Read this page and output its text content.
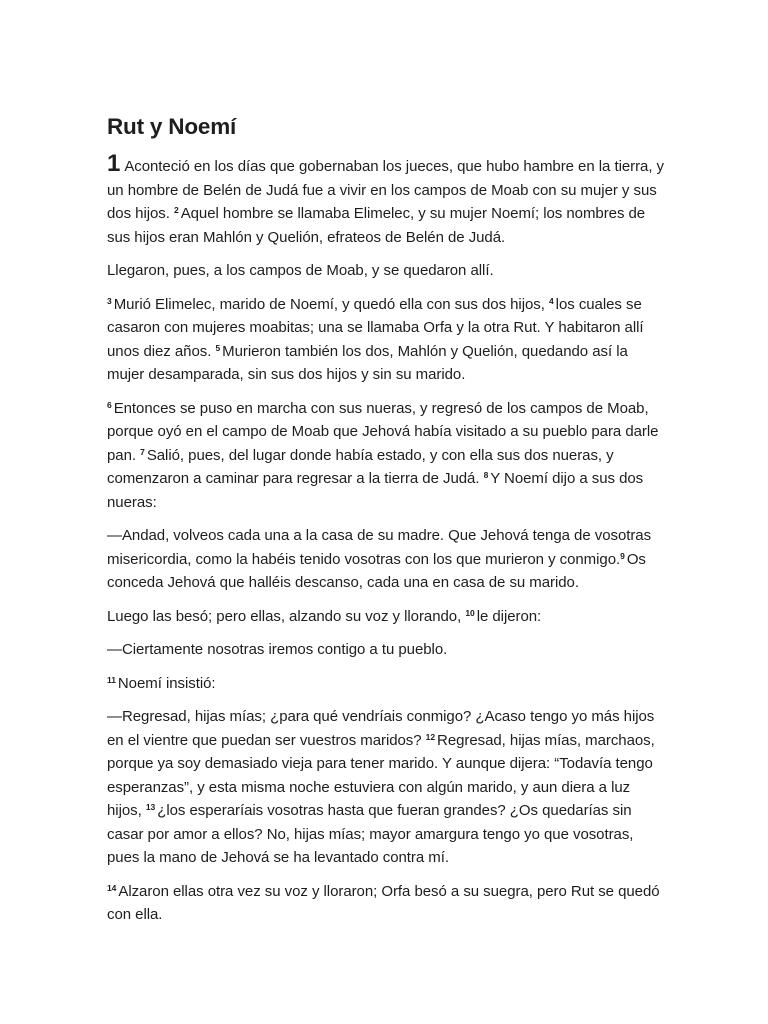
Rut y Noemí

1 Aconteció en los días que gobernaban los jueces, que hubo hambre en la tierra, y un hombre de Belén de Judá fue a vivir en los campos de Moab con su mujer y sus dos hijos. $^2$ Aquel hombre se llamaba Elimelec, y su mujer Noemí; los nombres de sus hijos eran Mahlón y Quelión, efrateos de Belén de Judá.

Llegaron, pues, a los campos de Moab, y se quedaron allí.

$^3$ Murió Elimelec, marido de Noemí, y quedó ella con sus dos hijos, $^4$ los cuales se casaron con mujeres moabitas; una se llamaba Orfa y la otra Rut. Y habitaron allí unos diez años. $^5$ Murieron también los dos, Mahlón y Quelión, quedando así la mujer desamparada, sin sus dos hijos y sin su marido.

$^6$ Entonces se puso en marcha con sus nueras, y regresó de los campos de Moab, porque oyó en el campo de Moab que Jehová había visitado a su pueblo para darle pan. $^7$ Salió, pues, del lugar donde había estado, y con ella sus dos nueras, y comenzaron a caminar para regresar a la tierra de Judá. $^8$ Y Noemí dijo a sus dos nueras:

—Andad, volveos cada una a la casa de su madre. Que Jehová tenga de vosotras misericordia, como la habéis tenido vosotras con los que murieron y conmigo.$^9$ Os conceda Jehová que halléis descanso, cada una en casa de su marido.

Luego las besó; pero ellas, alzando su voz y llorando, $^{10}$ le dijeron:

—Ciertamente nosotras iremos contigo a tu pueblo.

$^{11}$ Noemí insistió:

—Regresad, hijas mías; ¿para qué vendríais conmigo? ¿Acaso tengo yo más hijos en el vientre que puedan ser vuestros maridos? $^{12}$ Regresad, hijas mías, marchaos, porque ya soy demasiado vieja para tener marido. Y aunque dijera: “Todavía tengo esperanzas”, y esta misma noche estuviera con algún marido, y aun diera a luz hijos, $^{13}$ ¿los esperaríais vosotras hasta que fueran grandes? ¿Os quedarías sin casar por amor a ellos? No, hijas mías; mayor amargura tengo yo que vosotras, pues la mano de Jehová se ha levantado contra mí.

$^{14}$ Alzaron ellas otra vez su voz y lloraron; Orfa besó a su suegra, pero Rut se quedó con ella.
